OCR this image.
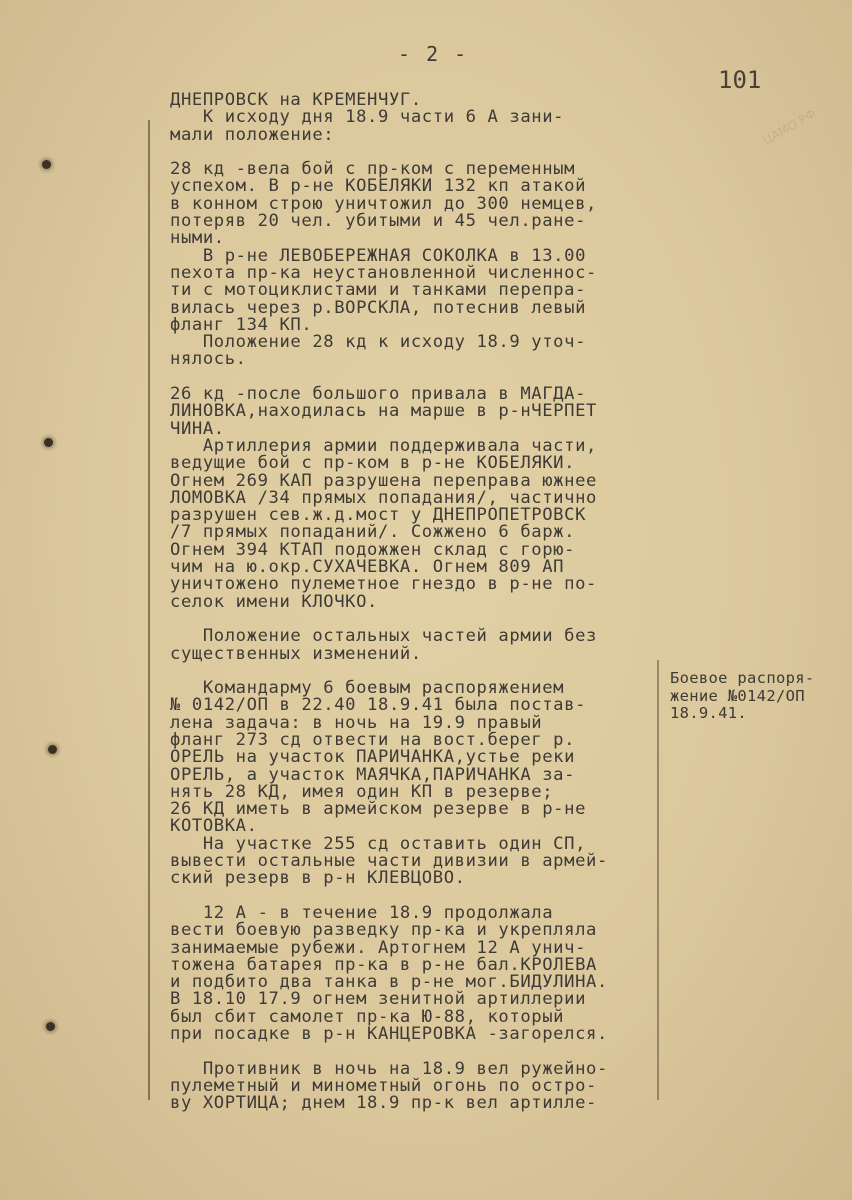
ЦАМО РФ
- 2 -
101
ДНЕПРОВСК на КРЕМЕНЧУГ.
К исходу дня 18.9 части 6 А зани-
мали положение:

28 кд -вела бой с пр-ком с переменным
успехом. В р-не КОБЕЛЯКИ 132 кп атакой
в конном строю уничтожил до 300 немцев,
потеряв 20 чел. убитыми и 45 чел.ране-
ными.
В р-не ЛЕВОБЕРЕЖНАЯ СОКОЛКА в 13.00
пехота пр-ка неустановленной численнос-
ти с мотоциклистами и танками перепра-
вилась через р.ВОРСКЛА, потеснив левый
фланг 134 КП.
Положение 28 кд к исходу 18.9 уточ-
нялось.

26 кд -после большого привала в МАГДА-
ЛИНОВКА,находилась на марше в р-нЧЕРПЕТ
ЧИНА.
Артиллерия армии поддерживала части,
ведущие бой с пр-ком в р-не КОБЕЛЯКИ.
Огнем 269 КАП разрушена переправа южнее
ЛОМОВКА /34 прямых попадания/, частично
разрушен сев.ж.д.мост у ДНЕПРОПЕТРОВСК
/7 прямых попаданий/. Сожжено 6 барж.
Огнем 394 КТАП подожжен склад с горю-
чим на ю.окр.СУХАЧЕВКА. Огнем 809 АП
уничтожено пулеметное гнездо в р-не по-
селок имени КЛОЧКО.

Положение остальных частей армии без
существенных изменений.

Командарму 6 боевым распоряжением
№ 0142/ОП в 22.40 18.9.41 была постав-
лена задача: в ночь на 19.9 правый
фланг 273 сд отвести на вост.берег р.
ОРЕЛЬ на участок ПАРИЧАНКА,устье реки
ОРЕЛЬ, а участок МАЯЧКА,ПАРИЧАНКА за-
нять 28 КД, имея один КП в резерве;
26 КД иметь в армейском резерве в р-не
КОТОВКА.
На участке 255 сд оставить один СП,
вывести остальные части дивизии в армей-
ский резерв в р-н КЛЕВЦОВО.

12 А - в течение 18.9 продолжала
вести боевую разведку пр-ка и укрепляла
занимаемые рубежи. Артогнем 12 А унич-
тожена батарея пр-ка в р-не бал.КРОЛЕВА
и подбито два танка в р-не мог.БИДУЛИНА.
В 18.10 17.9 огнем зенитной артиллерии
был сбит самолет пр-ка Ю-88, который
при посадке в р-н КАНЦЕРОВКА -загорелся.

Противник в ночь на 18.9 вел ружейно-
пулеметный и минометный огонь по остро-
ву ХОРТИЦА; днем 18.9 пр-к вел артилле-
Боевое распоря-
жение №0142/ОП
18.9.41.
